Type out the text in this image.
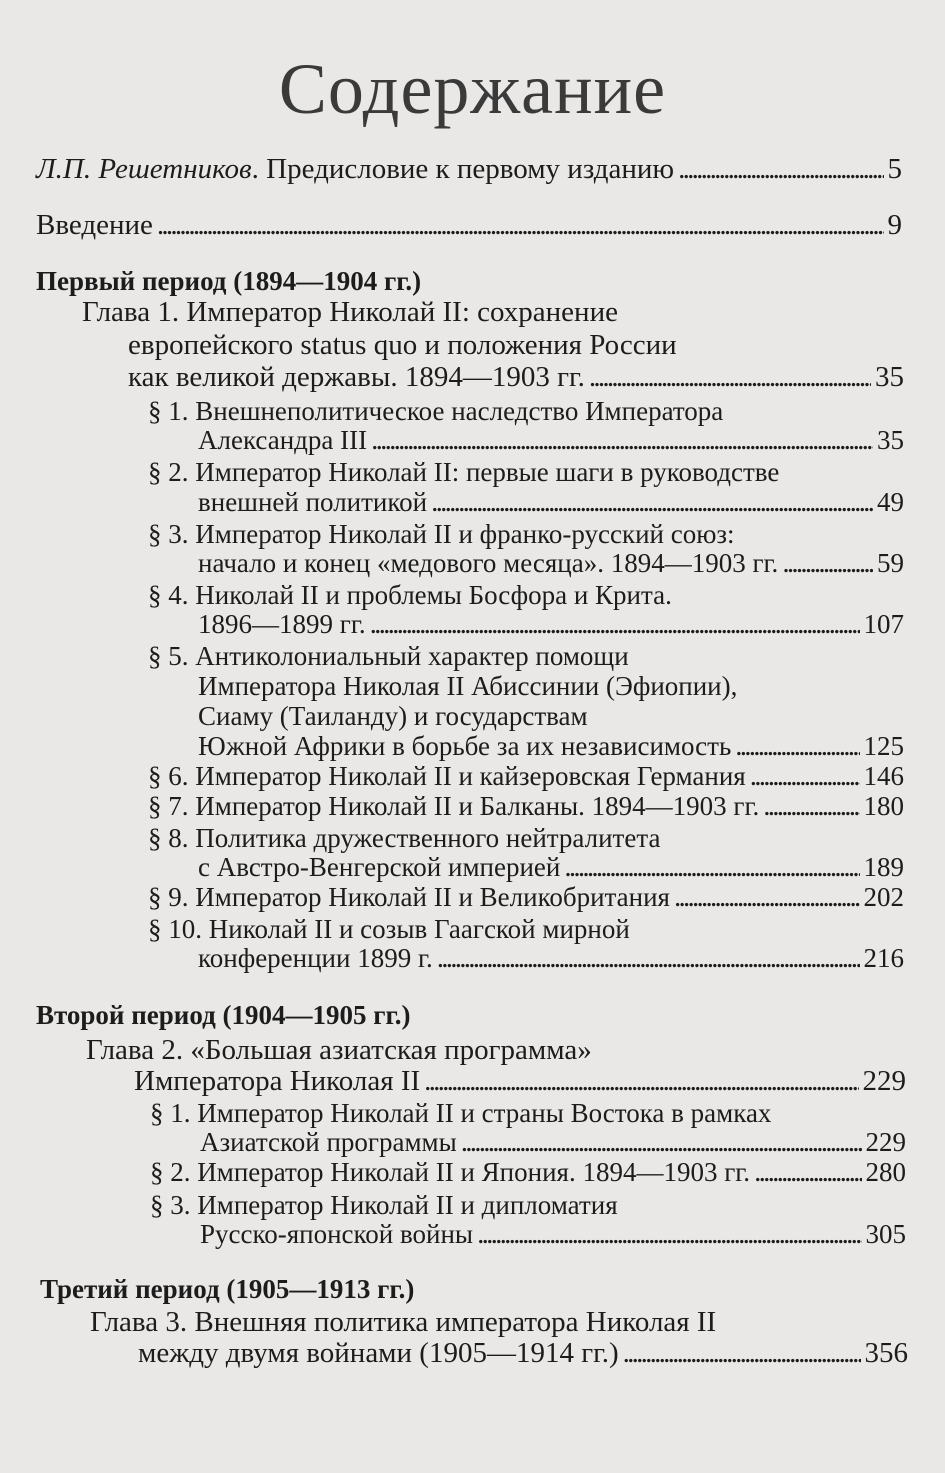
Содержание
Л.П. Решетников. Предисловие к первому изданию . . .	5
Введение . . .	9
Первый период (1894—1904 гг.)
Глава 1. Император Николай II: сохранение
европейского status quo и положения России
как великой державы. 1894—1903 гг. . . .	35
§ 1. Внешнеполитическое наследство Императора
Александра III . . .	35
§ 2. Император Николай II: первые шаги в руководстве
внешней политикой . . .	49
§ 3. Император Николай II и франко-русский союз:
начало и конец «медового месяца». 1894—1903 гг. . . .	59
§ 4. Николай II и проблемы Босфора и Крита.
1896—1899 гг. . . .	107
§ 5. Антиколониальный характер помощи
Императора Николая II Абиссинии (Эфиопии),
Сиаму (Таиланду) и государствам
Южной Африки в борьбе за их независимость . . .	125
§ 6. Император Николай II и кайзеровская Германия . . .	146
§ 7. Император Николай II и Балканы. 1894—1903 гг. . . .	180
§ 8. Политика дружественного нейтралитета
с Австро-Венгерской империей . . .	189
§ 9. Император Николай II и Великобритания . . .	202
§ 10. Николай II и созыв Гаагской мирной
конференции 1899 г. . . .	216
Второй период (1904—1905 гг.)
Глава 2. «Большая азиатская программа»
Императора Николая II . . .	229
§ 1. Император Николай II и страны Востока в рамках
Азиатской программы . . .	229
§ 2. Император Николай II и Япония. 1894—1903 гг. . . .	280
§ 3. Император Николай II и дипломатия
Русско-японской войны . . .	305
Третий период (1905—1913 гг.)
Глава 3. Внешняя политика императора Николая II
между двумя войнами (1905—1914 гг.) . . .	356
